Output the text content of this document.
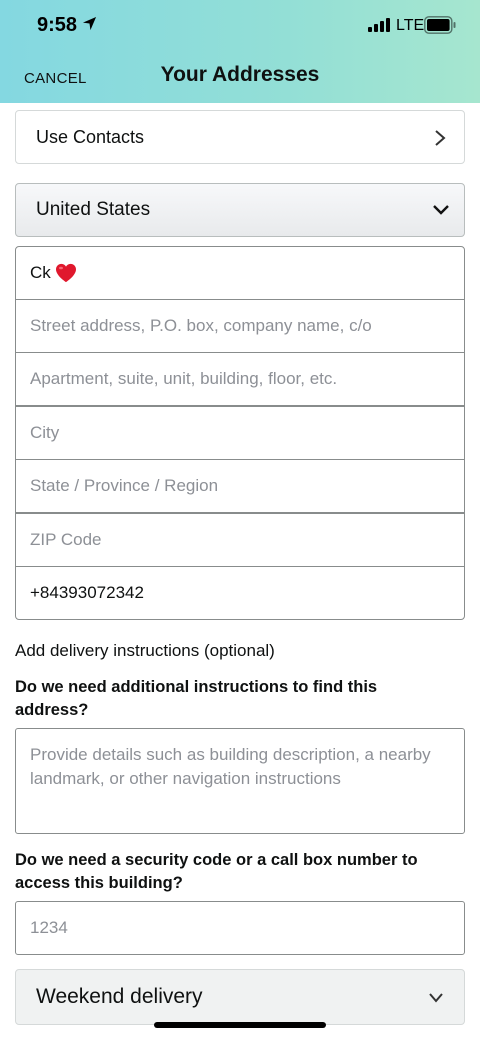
9:58	LTE
CANCEL	Your Addresses
Use Contacts
United States
Ck
Street address, P.O. box, company name, c/o
Apartment, suite, unit, building, floor, etc.
City
State / Province / Region
ZIP Code
+84393072342
Add delivery instructions (optional)
Do we need additional instructions to find this address?
Provide details such as building description, a nearby landmark, or other navigation instructions
Do we need a security code or a call box number to access this building?
1234
Weekend delivery
